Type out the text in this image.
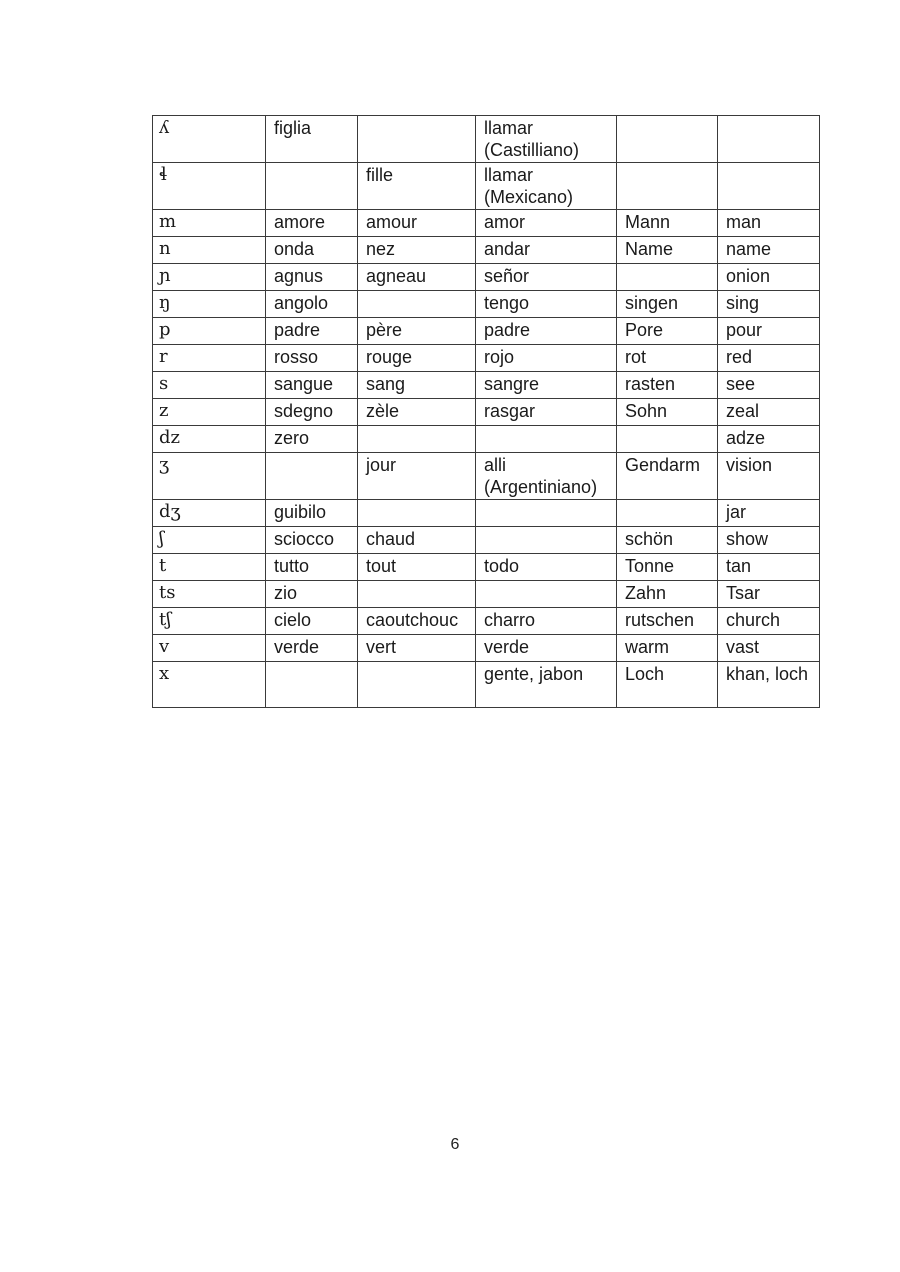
ʎ	figlia		llamar (Castilliano)		
ɬ		fille	llamar (Mexicano)		
m	amore	amour	amor	Mann	man
n	onda	nez	andar	Name	name
ɲ	agnus	agneau	señor		onion
ŋ	angolo		tengo	singen	sing
p	padre	père	padre	Pore	pour
r	rosso	rouge	rojo	rot	red
s	sangue	sang	sangre	rasten	see
z	sdegno	zèle	rasgar	Sohn	zeal
dz	zero				adze
ʒ		jour	alli (Argentiniano)	Gendarm	vision
dʒ	guibilo				jar
ʃ	sciocco	chaud		schön	show
t	tutto	tout	todo	Tonne	tan
ts	zio			Zahn	Tsar
tʃ	cielo	caoutchouc	charro	rutschen	church
v	verde	vert	verde	warm	vast
x			gente, jabon	Loch	khan, loch
6
